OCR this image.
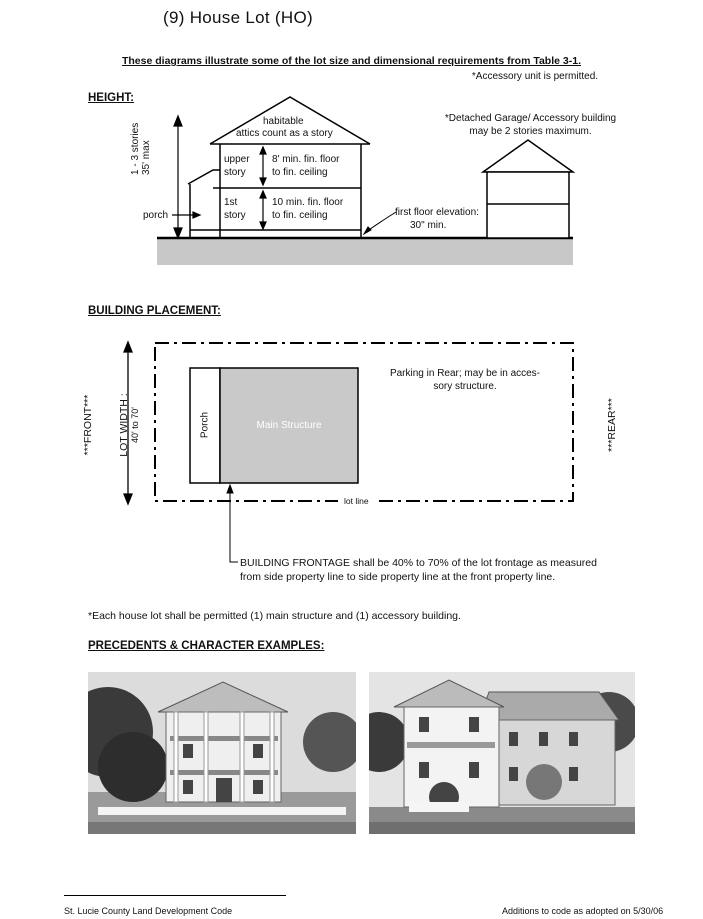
(9) House Lot (HO)
These diagrams illustrate some of the lot size and dimensional requirements from Table 3-1.
HEIGHT:
*Accessory unit is permitted.
*Detached Garage/ Accessory building may be 2 stories maximum.
habitable
attics count as a story
upper
story
8' min. fin. floor
to fin. ceiling
1st
story
10 min. fin. floor
to fin. ceiling
porch	first floor elevation:
30" min.
1 - 3 stories 35' max
BUILDING PLACEMENT:
***FRONT***	***REAR***
LOT WIDTH : 40' to 70'	Porch	Main Structure
Parking in Rear; may be in acces-
sory structure.
lot line
BUILDING FRONTAGE shall be 40% to 70% of the lot frontage as measured
from side property line to side property line at the front property line.
*Each house lot shall be permitted (1) main structure and (1) accessory building.
PRECEDENTS & CHARACTER EXAMPLES:
St. Lucie County Land Development Code	Additions to code as adopted on 5/30/06
